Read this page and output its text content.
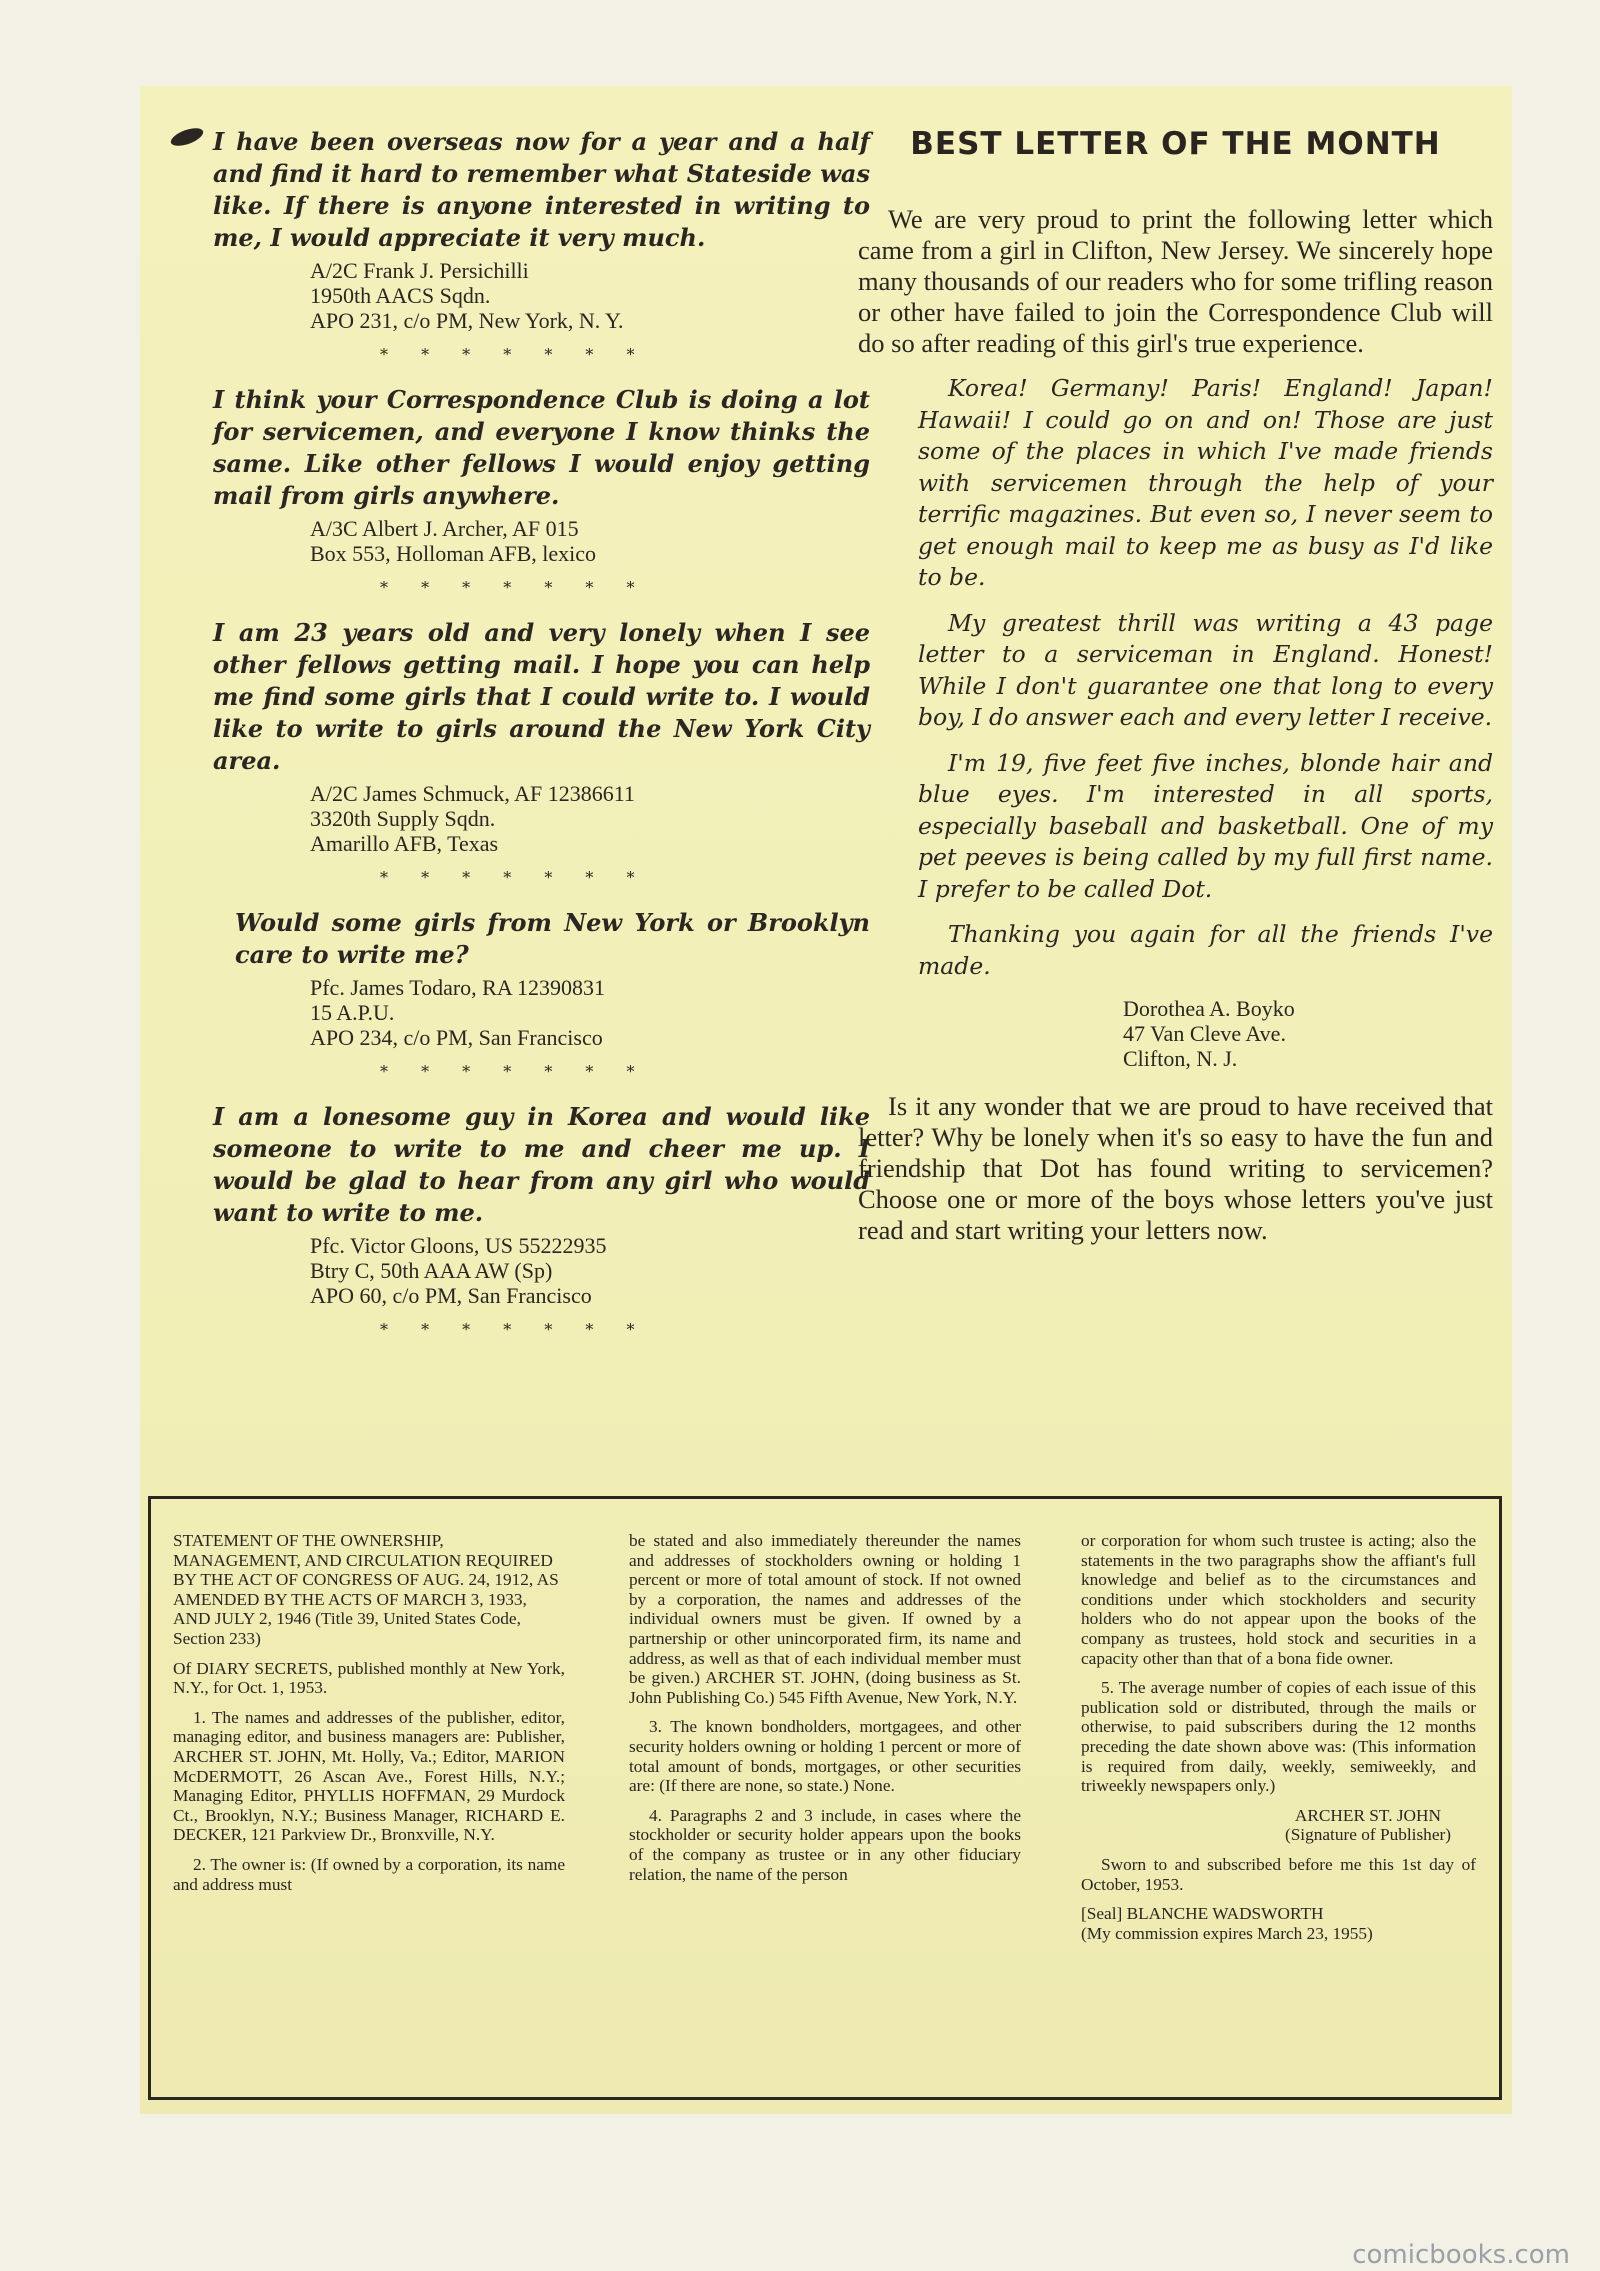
I have been overseas now for a year and a half and find it hard to remember what Stateside was like. If there is anyone interested in writing to me, I would appreciate it very much.

A/2C Frank J. Persichilli
1950th AACS Sqdn.
APO 231, c/o PM, New York, N. Y.
* * * * * * *

I think your Correspondence Club is doing a lot for servicemen, and everyone I know thinks the same. Like other fellows I would enjoy getting mail from girls anywhere.

A/3C Albert J. Archer, AF 015
Box 553, Holloman AFB, lexico
* * * * * * *

I am 23 years old and very lonely when I see other fellows getting mail. I hope you can help me find some girls that I could write to. I would like to write to girls around the New York City area.

A/2C James Schmuck, AF 12386611
3320th Supply Sqdn.
Amarillo AFB, Texas
* * * * * * *

Would some girls from New York or Brooklyn care to write me?

Pfc. James Todaro, RA 12390831
15 A.P.U.
APO 234, c/o PM, San Francisco
* * * * * * *

I am a lonesome guy in Korea and would like someone to write to me and cheer me up. I would be glad to hear from any girl who would want to write to me.

Pfc. Victor Gloons, US 55222935
Btry C, 50th AAA AW (Sp)
APO 60, c/o PM, San Francisco
* * * * * * *
BEST LETTER OF THE MONTH

We are very proud to print the following letter which came from a girl in Clifton, New Jersey. We sincerely hope many thousands of our readers who for some trifling reason or other have failed to join the Correspondence Club will do so after reading of this girl's true experience.

Korea! Germany! Paris! England! Japan! Hawaii! I could go on and on! Those are just some of the places in which I've made friends with servicemen through the help of your terrific magazines. But even so, I never seem to get enough mail to keep me as busy as I'd like to be.

My greatest thrill was writing a 43 page letter to a serviceman in England. Honest! While I don't guarantee one that long to every boy, I do answer each and every letter I receive.

I'm 19, five feet five inches, blonde hair and blue eyes. I'm interested in all sports, especially baseball and basketball. One of my pet peeves is being called by my full first name. I prefer to be called Dot.

Thanking you again for all the friends I've made.

Dorothea A. Boyko
47 Van Cleve Ave.
Clifton, N. J.

Is it any wonder that we are proud to have received that letter? Why be lonely when it's so easy to have the fun and friendship that Dot has found writing to servicemen? Choose one or more of the boys whose letters you've just read and start writing your letters now.

STATEMENT OF THE OWNERSHIP, MANAGEMENT, AND CIRCULATION REQUIRED BY THE ACT OF CONGRESS OF AUG. 24, 1912, AS AMENDED BY THE ACTS OF MARCH 3, 1933, AND JULY 2, 1946 (Title 39, United States Code, Section 233)

Of DIARY SECRETS, published monthly at New York, N.Y., for Oct. 1, 1953.

1. The names and addresses of the publisher, editor, managing editor, and business managers are: Publisher, ARCHER ST. JOHN, Mt. Holly, Va.; Editor, MARION McDERMOTT, 26 Ascan Ave., Forest Hills, N.Y.; Managing Editor, PHYLLIS HOFFMAN, 29 Murdock Ct., Brooklyn, N.Y.; Business Manager, RICHARD E. DECKER, 121 Parkview Dr., Bronxville, N.Y.

2. The owner is: (If owned by a corporation, its name and address must

be stated and also immediately thereunder the names and addresses of stockholders owning or holding 1 percent or more of total amount of stock. If not owned by a corporation, the names and addresses of the individual owners must be given. If owned by a partnership or other unincorporated firm, its name and address, as well as that of each individual member must be given.) ARCHER ST. JOHN, (doing business as St. John Publishing Co.) 545 Fifth Avenue, New York, N.Y.

3. The known bondholders, mortgagees, and other security holders owning or holding 1 percent or more of total amount of bonds, mortgages, or other securities are: (If there are none, so state.) None.

4. Paragraphs 2 and 3 include, in cases where the stockholder or security holder appears upon the books of the company as trustee or in any other fiduciary relation, the name of the person

or corporation for whom such trustee is acting; also the statements in the two paragraphs show the affiant's full knowledge and belief as to the circumstances and conditions under which stockholders and security holders who do not appear upon the books of the company as trustees, hold stock and securities in a capacity other than that of a bona fide owner.

5. The average number of copies of each issue of this publication sold or distributed, through the mails or otherwise, to paid subscribers during the 12 months preceding the date shown above was: (This information is required from daily, weekly, semiweekly, and triweekly newspapers only.)

ARCHER ST. JOHN

(Signature of Publisher)

Sworn to and subscribed before me this 1st day of October, 1953.

[Seal] BLANCHE WADSWORTH

(My commission expires March 23, 1955)

comicbooks.com
